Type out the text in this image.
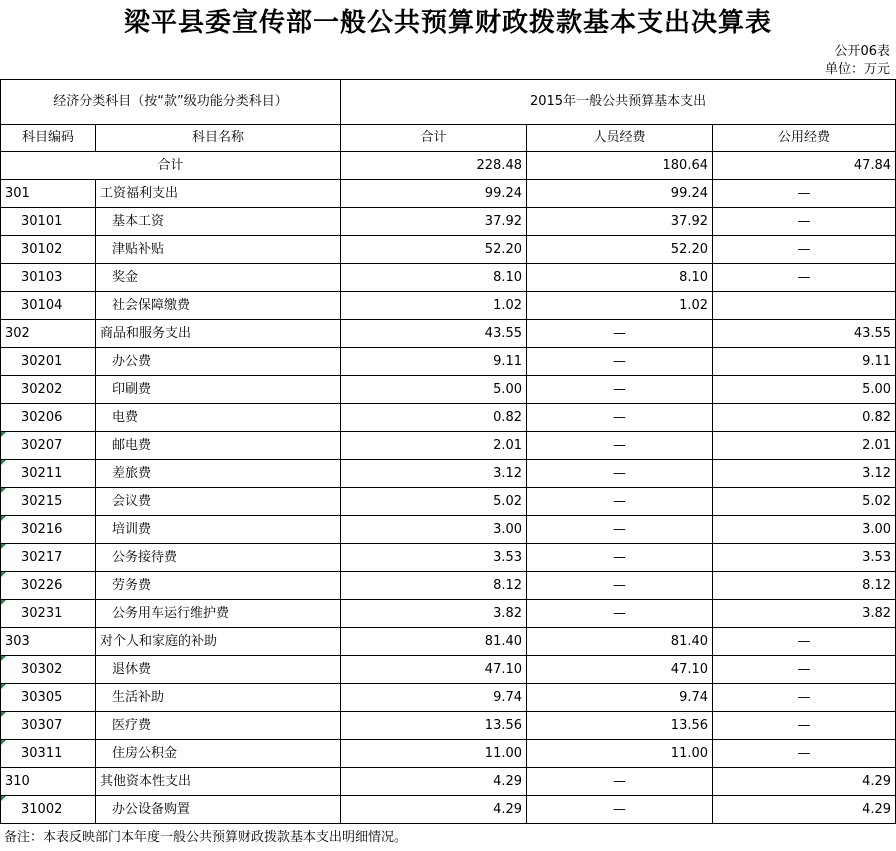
梁平县委宣传部一般公共预算财政拨款基本支出决算表
公开06表
单位：万元
经济分类科目（按“款”级功能分类科目）		2015年一般公共预算基本支出		
科目编码	科目名称	合计	人员经费	公用经费
合计		228.48	180.64	47.84
301	工资福利支出	99.24	99.24	—
30101	基本工资	37.92	37.92	—
30102	津贴补贴	52.20	52.20	—
30103	奖金	8.10	8.10	—
30104	社会保障缴费	1.02	1.02	
302	商品和服务支出	43.55	—	43.55
30201	办公费	9.11	—	9.11
30202	印刷费	5.00	—	5.00
30206	电费	0.82	—	0.82

30207	邮电费	2.01	—	2.01

30211	差旅费	3.12	—	3.12

30215	会议费	5.02	—	5.02

30216	培训费	3.00	—	3.00

30217	公务接待费	3.53	—	3.53

30226	劳务费	8.12	—	8.12

30231	公务用车运行维护费	3.82	—	3.82
303	对个人和家庭的补助	81.40	81.40	—

30302	退休费	47.10	47.10	—

30305	生活补助	9.74	9.74	—

30307	医疗费	13.56	13.56	—

30311	住房公积金	11.00	11.00	—
310	其他资本性支出	4.29	—	4.29

31002	办公设备购置	4.29	—	4.29
备注：本表反映部门本年度一般公共预算财政拨款基本支出明细情况。
